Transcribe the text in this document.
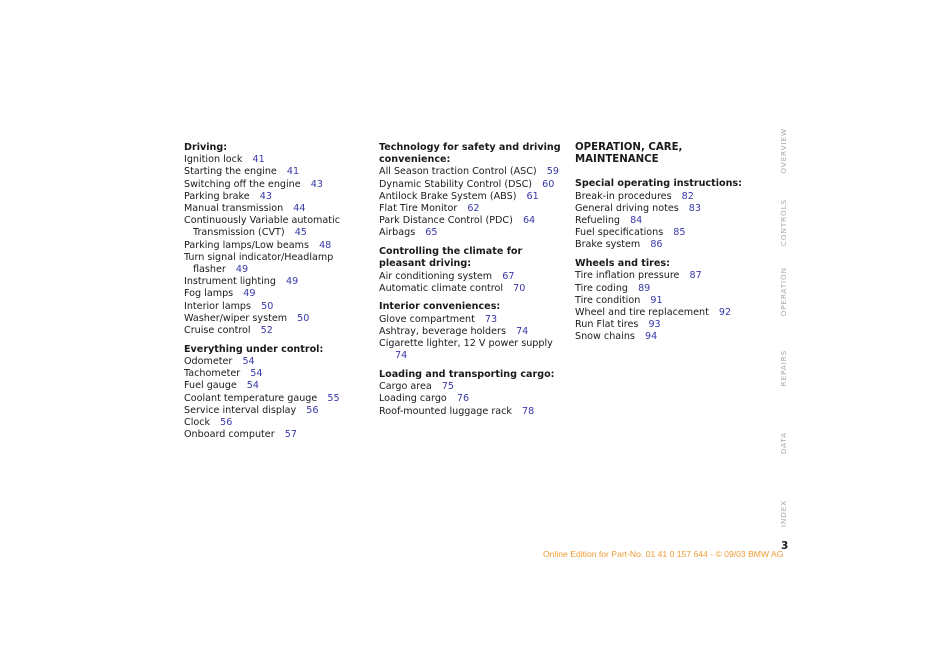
Driving:
Ignition lock 41
Starting the engine 41
Switching off the engine 43
Parking brake 43
Manual transmission 44
Continuously Variable automatic Transmission (CVT) 45
Parking lamps/Low beams 48
Turn signal indicator/Headlamp flasher 49
Instrument lighting 49
Fog lamps 49
Interior lamps 50
Washer/wiper system 50
Cruise control 52
Everything under control:
Odometer 54
Tachometer 54
Fuel gauge 54
Coolant temperature gauge 55
Service interval display 56
Clock 56
Onboard computer 57
Technology for safety and driving convenience:
All Season traction Control (ASC) 59
Dynamic Stability Control (DSC) 60
Antilock Brake System (ABS) 61
Flat Tire Monitor 62
Park Distance Control (PDC) 64
Airbags 65
Controlling the climate for pleasant driving:
Air conditioning system 67
Automatic climate control 70
Interior conveniences:
Glove compartment 73
Ashtray, beverage holders 74
Cigarette lighter, 12 V power supply 74
Loading and transporting cargo:
Cargo area 75
Loading cargo 76
Roof-mounted luggage rack 78
OPERATION, CARE, MAINTENANCE
Special operating instructions:
Break-in procedures 82
General driving notes 83
Refueling 84
Fuel specifications 85
Brake system 86
Wheels and tires:
Tire inflation pressure 87
Tire coding 89
Tire condition 91
Wheel and tire replacement 92
Run Flat tires 93
Snow chains 94
OVERVIEW
CONTROLS
OPERATION
REPAIRS
DATA
INDEX
3
Online Edition for Part-No. 01 41 0 157 644 - © 09/03 BMW AG
